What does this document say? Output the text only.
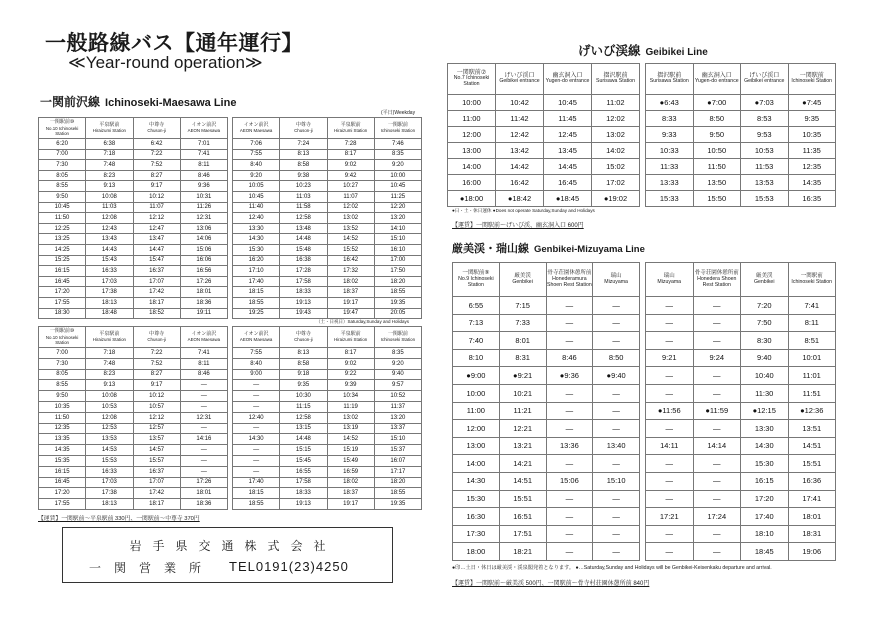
一般路線バス【通年運行】
≪Year-round operation≫
一関前沢線 Ichinoseki-Maesawa Line
(平日)Weekday
一関駅前⑩
No.10 Ichinoseki Station	平泉駅前
Hiraizumi Station	中尊寺
Chuson-ji	イオン前沢
AEON Maesawa

6:20	6:38	6:42	7:01
7:00	7:18	7:22	7:41
7:30	7:48	7:52	8:11
8:05	8:23	8:27	8:46
8:55	9:13	9:17	9:36
9:50	10:08	10:12	10:31
10:45	11:03	11:07	11:26
11:50	12:08	12:12	12:31
12:25	12:43	12:47	13:06
13:25	13:43	13:47	14:06
14:25	14:43	14:47	15:06
15:25	15:43	15:47	16:06
16:15	16:33	16:37	16:56
16:45	17:03	17:07	17:26
17:20	17:38	17:42	18:01
17:55	18:13	18:17	18:36
18:30	18:48	18:52	19:11
イオン前沢
AEON Maesawa	中尊寺
Chuson-ji	平泉駅前
Hiraizumi Station	一関駅前
Ichinoseki Station

7:06	7:24	7:28	7:46
7:55	8:13	8:17	8:35
8:40	8:58	9:02	9:20
9:20	9:38	9:42	10:00
10:05	10:23	10:27	10:45
10:45	11:03	11:07	11:25
11:40	11:58	12:02	12:20
12:40	12:58	13:02	13:20
13:30	13:48	13:52	14:10
14:30	14:48	14:52	15:10
15:30	15:48	15:52	16:10
16:20	16:38	16:42	17:00
17:10	17:28	17:32	17:50
17:40	17:58	18:02	18:20
18:15	18:33	18:37	18:55
18:55	19:13	19:17	19:35
19:25	19:43	19:47	20:05
（土・日祝日）Saturday,Sunday and Holidays
一関駅前⑩
No.10 Ichinoseki Station	平泉駅前
Hiraizumi Station	中尊寺
Chuson-ji	イオン前沢
AEON Maesawa

7:00	7:18	7:22	7:41
7:30	7:48	7:52	8:11
8:05	8:23	8:27	8:46
8:55	9:13	9:17	—
9:50	10:08	10:12	—
10:35	10:53	10:57	—
11:50	12:08	12:12	12:31
12:35	12:53	12:57	—
13:35	13:53	13:57	14:16
14:35	14:53	14:57	—
15:35	15:53	15:57	—
16:15	16:33	16:37	—
16:45	17:03	17:07	17:26
17:20	17:38	17:42	18:01
17:55	18:13	18:17	18:36
イオン前沢
AEON Maesawa	中尊寺
Chuson-ji	平泉駅前
Hiraizumi Station	一関駅前
Ichinoseki Station

7:55	8:13	8:17	8:35
8:40	8:58	9:02	9:20
9:00	9:18	9:22	9:40
—	9:35	9:39	9:57
—	10:30	10:34	10:52
—	11:15	11:19	11:37
12:40	12:58	13:02	13:20
—	13:15	13:19	13:37
14:30	14:48	14:52	15:10
—	15:15	15:19	15:37
—	15:45	15:49	16:07
—	16:55	16:59	17:17
17:40	17:58	18:02	18:20
18:15	18:33	18:37	18:55
18:55	19:13	19:17	19:35
【運賃】一関駅前～平泉駅前 330円、一関駅前～中尊寺 370円
岩手県交通株式会社
一関営業所 TEL0191(23)4250
げいび渓線 Geibikei Line
一関駅前⑦
No.7 Ichinoseki Station	げいび渓口
Geibikei entrance	幽玄洞入口
Yugen-do entrance	摺沢駅前
Surisawa Station

10:00	10:42	10:45	11:02
11:00	11:42	11:45	12:02
12:00	12:42	12:45	13:02
13:00	13:42	13:45	14:02
14:00	14:42	14:45	15:02
16:00	16:42	16:45	17:02
●18:00	●18:42	●18:45	●19:02
摺沢駅前
Surisawa Station	幽玄洞入口
Yugen-do entrance	げいび渓口
Geibikei entrance	一関駅前
Ichinoseki Station

●6:43	●7:00	●7:03	●7:45
8:33	8:50	8:53	9:35
9:33	9:50	9:53	10:35
10:33	10:50	10:53	11:35
11:33	11:50	11:53	12:35
13:33	13:50	13:53	14:35
15:33	15:50	15:53	16:35
●日・土・休日運休 ●Does not operate Saturday,Sunday and Holidays
【運賃】一関駅前～げいび渓、幽玄洞入口 600円
厳美渓・瑞山線 Genbikei-Mizuyama Line
一関駅前⑨
No.9 Ichinoseki Station	厳美渓
Genbikei	骨寺荘園休憩所前
Honederamura Shoen Rest Station	瑞山
Mizuyama

6:55	7:15	—	—
7:13	7:33	—	—
7:40	8:01	—	—
8:10	8:31	8:46	8:50
●9:00	●9:21	●9:36	●9:40
10:00	10:21	—	—
11:00	11:21	—	—
12:00	12:21	—	—
13:00	13:21	13:36	13:40
14:00	14:21	—	—
14:30	14:51	15:06	15:10
15:30	15:51	—	—
16:30	16:51	—	—
17:30	17:51	—	—
18:00	18:21	—	—
瑞山
Mizuyama	骨寺荘園休憩所前
Honedera Shoen Rest Station	厳美渓
Genbikei	一関駅前
Ichinoseki Station

—	—	7:20	7:41
—	—	7:50	8:11
—	—	8:30	8:51
9:21	9:24	9:40	10:01
—	—	10:40	11:01
—	—	11:30	11:51
●11:56	●11:59	●12:15	●12:36
—	—	13:30	13:51
14:11	14:14	14:30	14:51
—	—	15:30	15:51
—	—	16:15	16:36
—	—	17:20	17:41
17:21	17:24	17:40	18:01
—	—	18:10	18:31
—	—	18:45	19:06
●印…土日・休日は厳美渓・渓泉閣発着となります。 ●…Saturday,Sunday and Holidays will be Genbikei-Keisenkaku departure and arrival.
【運賃】一関駅前～厳美渓 500円、一関駅前～骨寺村荘園休憩所前 840円
